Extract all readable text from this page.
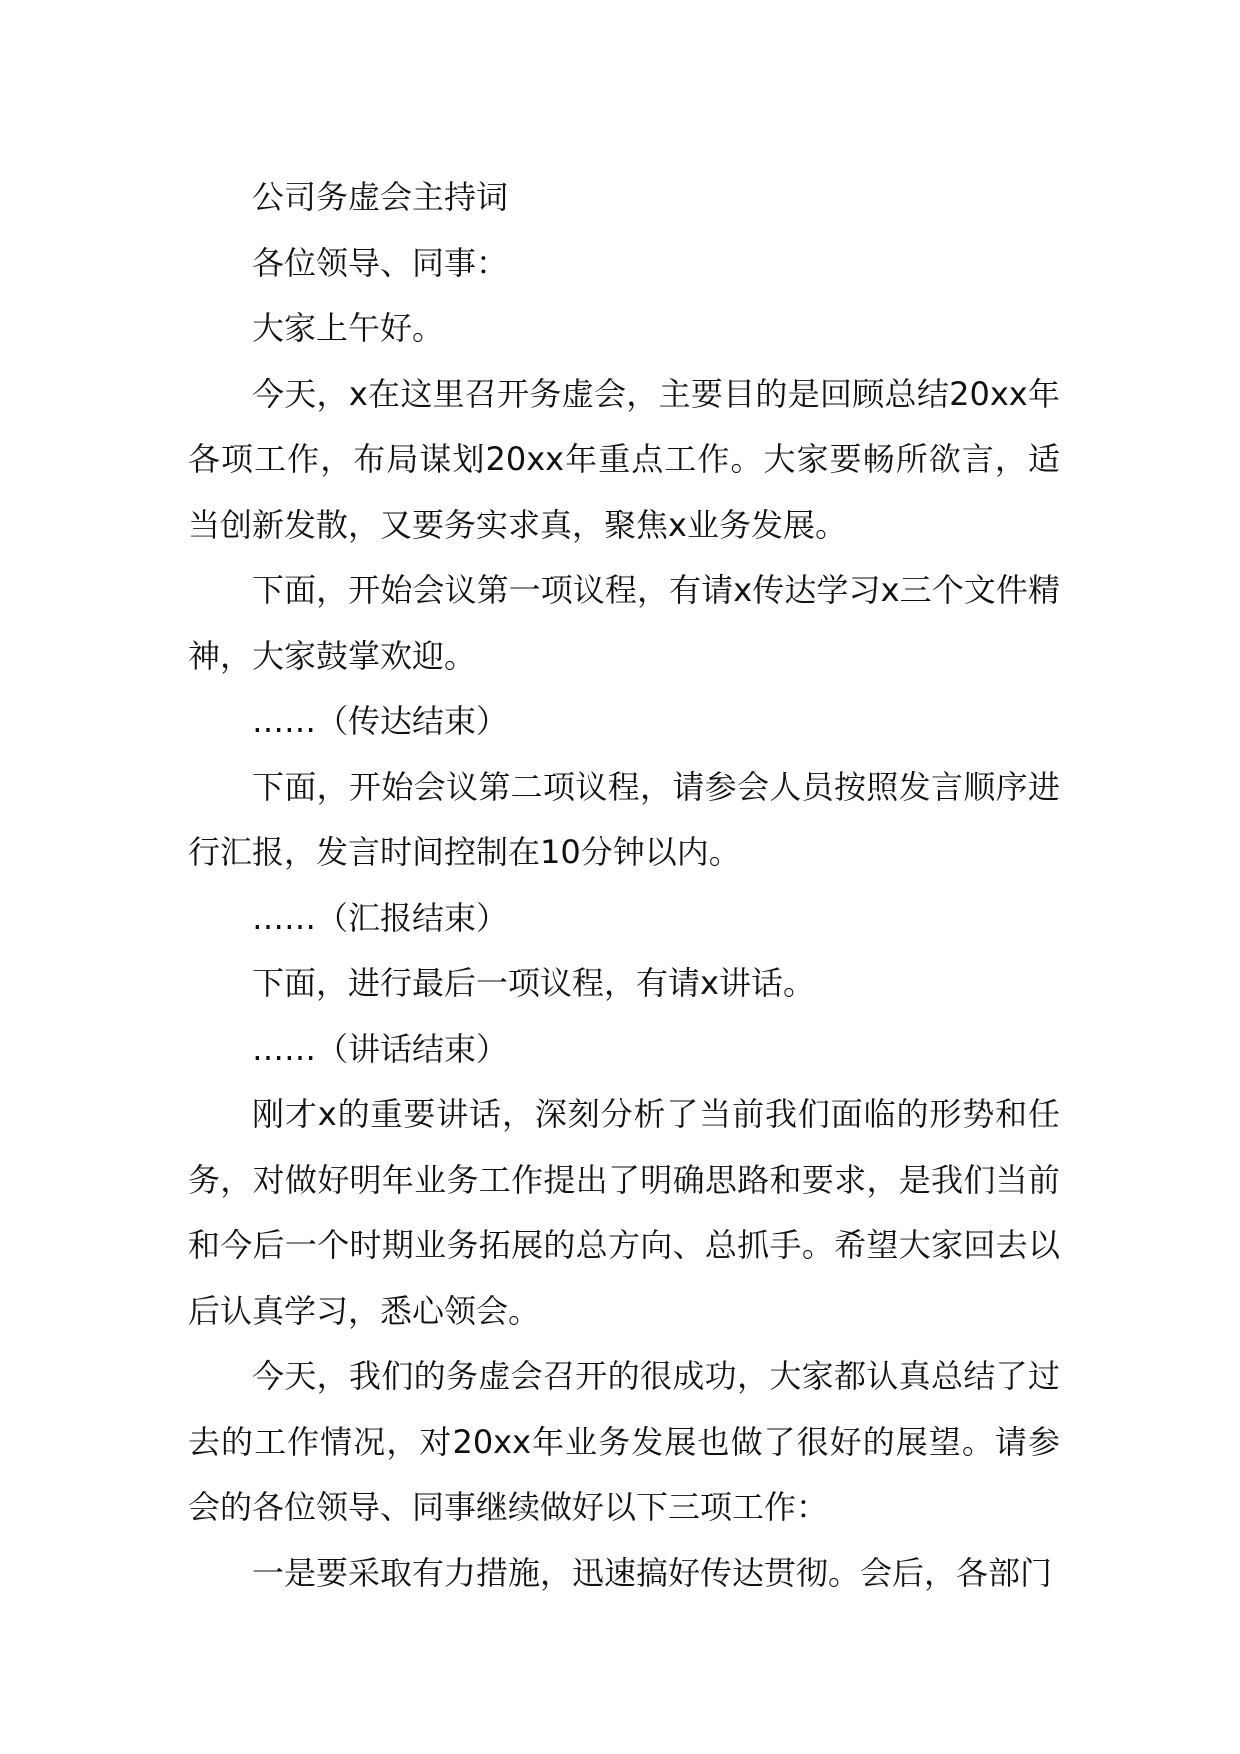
公司务虚会主持词

各位领导、同事：

大家上午好。

今天，x在这里召开务虚会，主要目的是回顾总结20xx年各项工作，布局谋划20xx年重点工作。大家要畅所欲言，适当创新发散，又要务实求真，聚焦x业务发展。

下面，开始会议第一项议程，有请x传达学习x三个文件精神，大家鼓掌欢迎。

……（传达结束）

下面，开始会议第二项议程，请参会人员按照发言顺序进行汇报，发言时间控制在10分钟以内。

……（汇报结束）

下面，进行最后一项议程，有请x讲话。

……（讲话结束）

刚才x的重要讲话，深刻分析了当前我们面临的形势和任务，对做好明年业务工作提出了明确思路和要求，是我们当前和今后一个时期业务拓展的总方向、总抓手。希望大家回去以后认真学习，悉心领会。

今天，我们的务虚会召开的很成功，大家都认真总结了过去的工作情况，对20xx年业务发展也做了很好的展望。请参会的各位领导、同事继续做好以下三项工作：

一是要采取有力措施，迅速搞好传达贯彻。会后，各部门
